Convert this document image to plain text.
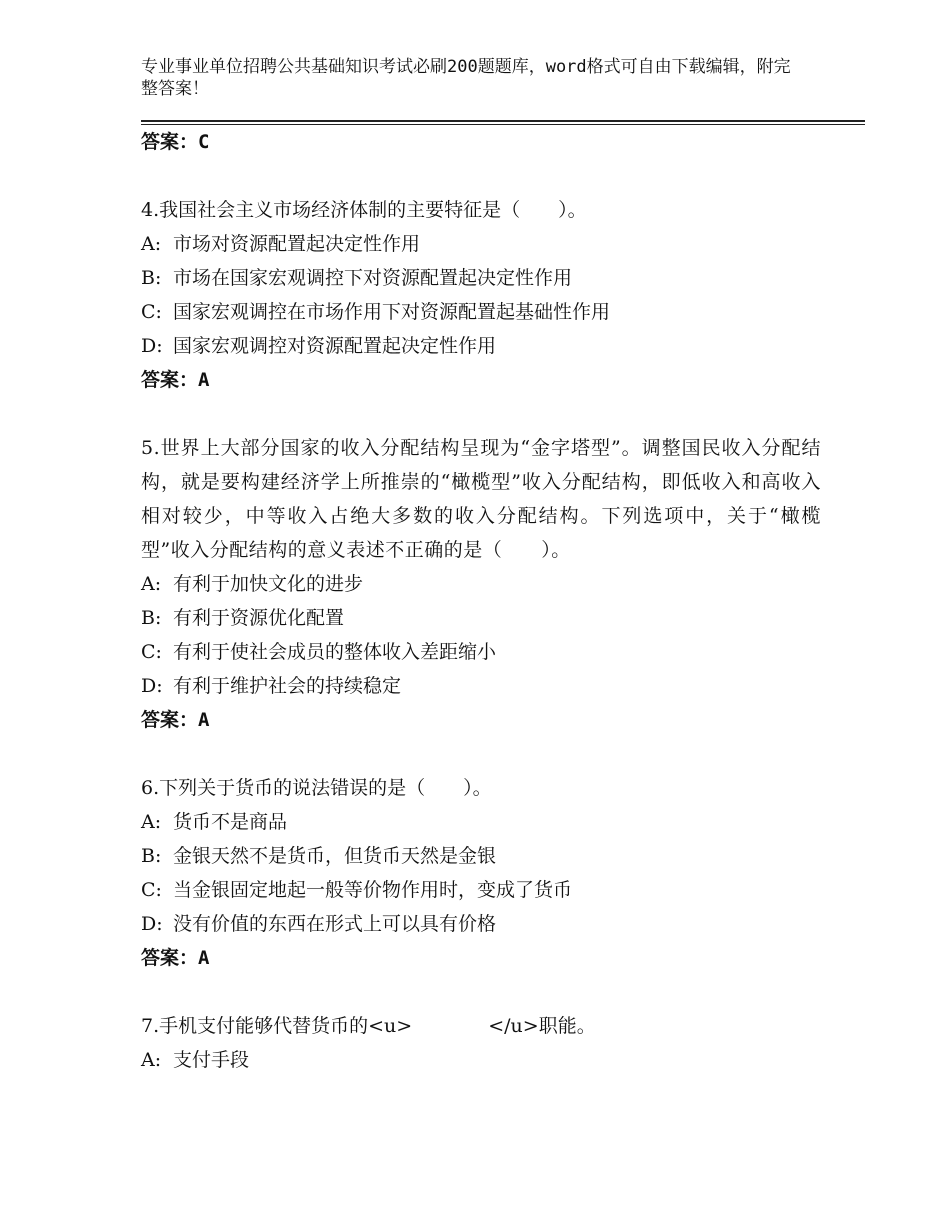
专业事业单位招聘公共基础知识考试必刷200题题库，word格式可自由下载编辑，附完整答案！
答案：C
4.我国社会主义市场经济体制的主要特征是（　　）。
A: 市场对资源配置起决定性作用
B: 市场在国家宏观调控下对资源配置起决定性作用
C: 国家宏观调控在市场作用下对资源配置起基础性作用
D: 国家宏观调控对资源配置起决定性作用
答案：A
5.世界上大部分国家的收入分配结构呈现为“金字塔型”。调整国民收入分配结构，就是要构建经济学上所推崇的“橄榄型”收入分配结构，即低收入和高收入相对较少，中等收入占绝大多数的收入分配结构。下列选项中，关于“橄榄型”收入分配结构的意义表述不正确的是（　　）。
A: 有利于加快文化的进步
B: 有利于资源优化配置
C: 有利于使社会成员的整体收入差距缩小
D: 有利于维护社会的持续稳定
答案：A
6.下列关于货币的说法错误的是（　　）。
A: 货币不是商品
B: 金银天然不是货币，但货币天然是金银
C: 当金银固定地起一般等价物作用时，变成了货币
D: 没有价值的东西在形式上可以具有价格
答案：A
7.手机支付能够代替货币的<u>　　　　</u>职能。
A: 支付手段
